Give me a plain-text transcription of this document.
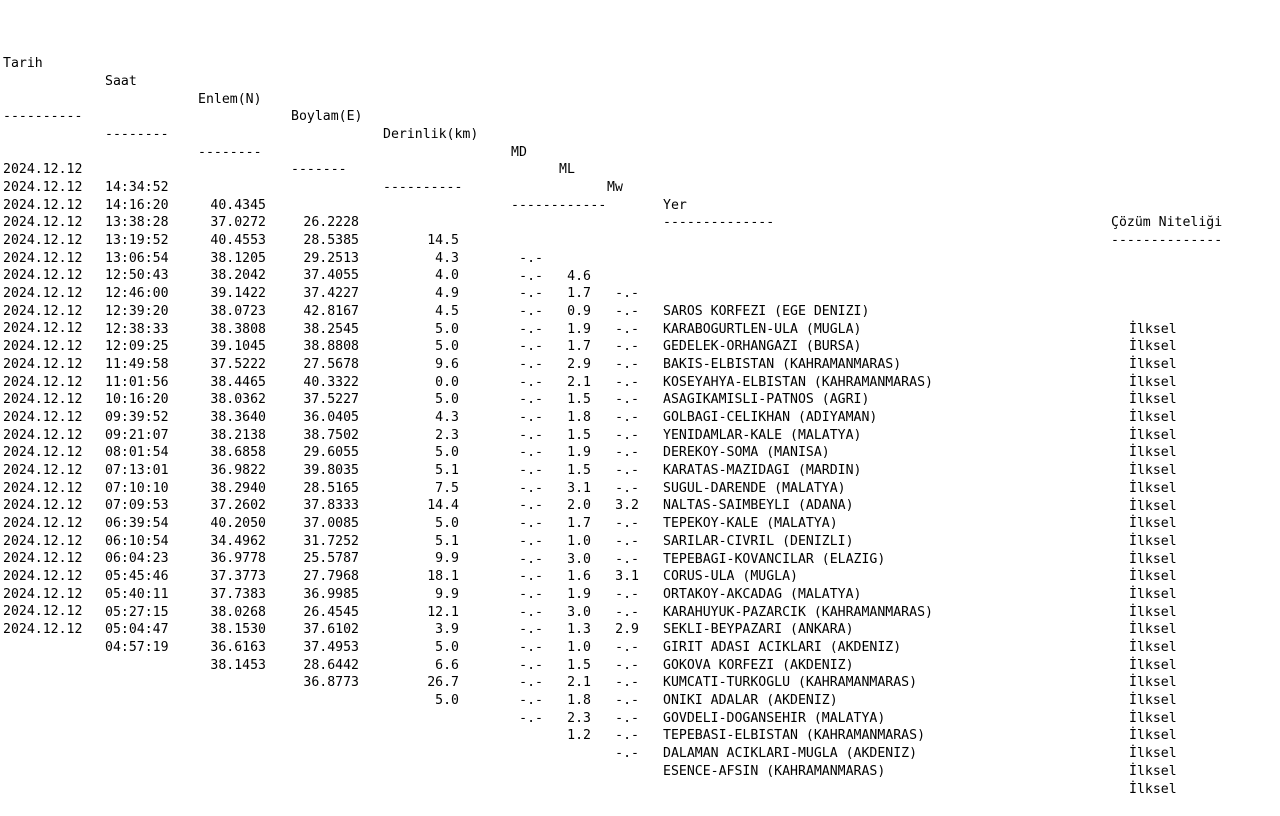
Tarih

Saat

Enlem(N)

Boylam(E)

Derinlik(km)

MD

ML

Mw

Yer

Çözüm Niteliği

----------

--------

--------

-------

----------

------------

--------------

--------------

2024.12.12

14:34:52

40.4345

26.2228

14.5

-.-

4.6

-.-

SAROS KORFEZI (EGE DENIZI)

İlksel

2024.12.12

14:16:20

37.0272

28.5385

4.3

-.-

1.7

-.-

KARABOGURTLEN-ULA (MUGLA)

İlksel

2024.12.12

13:38:28

40.4553

29.2513

4.0

-.-

0.9

-.-

GEDELEK-ORHANGAZI (BURSA)

İlksel

2024.12.12

13:19:52

38.1205

37.4055

4.9

-.-

1.9

-.-

BAKIS-ELBISTAN (KAHRAMANMARAS)

İlksel

2024.12.12

13:06:54

38.2042

37.4227

4.5

-.-

1.7

-.-

KOSEYAHYA-ELBISTAN (KAHRAMANMARAS)

İlksel

2024.12.12

12:50:43

39.1422

42.8167

5.0

-.-

2.9

-.-

ASAGIKAMISLI-PATNOS (AGRI)

İlksel

2024.12.12

12:46:00

38.0723

38.2545

5.0

-.-

2.1

-.-

GOLBAGI-CELIKHAN (ADIYAMAN)

İlksel

2024.12.12

12:39:20

38.3808

38.8808

9.6

-.-

1.5

-.-

YENIDAMLAR-KALE (MALATYA)

İlksel

2024.12.12

12:38:33

39.1045

27.5678

0.0

-.-

1.8

-.-

DEREKOY-SOMA (MANISA)

İlksel

2024.12.12

12:09:25

37.5222

40.3322

5.0

-.-

1.5

-.-

KARATAS-MAZIDAGI (MARDIN)

İlksel

2024.12.12

11:49:58

38.4465

37.5227

4.3

-.-

1.9

-.-

SUGUL-DARENDE (MALATYA)

İlksel

2024.12.12

11:01:56

38.0362

36.0405

2.3

-.-

1.5

-.-

NALTAS-SAIMBEYLI (ADANA)

İlksel

2024.12.12

10:16:20

38.3640

38.7502

5.0

-.-

3.1

3.2

TEPEKOY-KALE (MALATYA)

İlksel

2024.12.12

09:39:52

38.2138

29.6055

5.1

-.-

2.0

-.-

SARILAR-CIVRIL (DENIZLI)

İlksel

2024.12.12

09:21:07

38.6858

39.8035

7.5

-.-

1.7

-.-

TEPEBAGI-KOVANCILAR (ELAZIG)

İlksel

2024.12.12

08:01:54

36.9822

28.5165

14.4

-.-

1.0

-.-

CORUS-ULA (MUGLA)

İlksel

2024.12.12

07:13:01

38.2940

37.8333

5.0

-.-

3.0

3.1

ORTAKOY-AKCADAG (MALATYA)

İlksel

2024.12.12

07:10:10

37.2602

37.0085

5.1

-.-

1.6

-.-

KARAHUYUK-PAZARCIK (KAHRAMANMARAS)

İlksel

2024.12.12

07:09:53

40.2050

31.7252

9.9

-.-

1.9

-.-

SEKLI-BEYPAZARI (ANKARA)

İlksel

2024.12.12

06:39:54

34.4962

25.5787

18.1

-.-

3.0

2.9

GIRIT ADASI ACIKLARI (AKDENIZ)

İlksel

2024.12.12

06:10:54

36.9778

27.7968

9.9

-.-

1.3

-.-

GOKOVA KORFEZI (AKDENIZ)

İlksel

2024.12.12

06:04:23

37.3773

36.9985

12.1

-.-

1.0

-.-

KUMCATI-TURKOGLU (KAHRAMANMARAS)

İlksel

2024.12.12

05:45:46

37.7383

26.4545

3.9

-.-

1.5

-.-

ONIKI ADALAR (AKDENIZ)

İlksel

2024.12.12

05:40:11

38.0268

37.6102

5.0

-.-

2.1

-.-

GOVDELI-DOGANSEHIR (MALATYA)

İlksel

2024.12.12

05:27:15

38.1530

37.4953

6.6

-.-

1.8

-.-

TEPEBASI-ELBISTAN (KAHRAMANMARAS)

İlksel

2024.12.12

05:04:47

36.6163

28.6442

26.7

-.-

2.3

-.-

DALAMAN ACIKLARI-MUGLA (AKDENIZ)

İlksel

2024.12.12

04:57:19

38.1453

36.8773

5.0

-.-

1.2

-.-

ESENCE-AFSIN (KAHRAMANMARAS)

İlksel
